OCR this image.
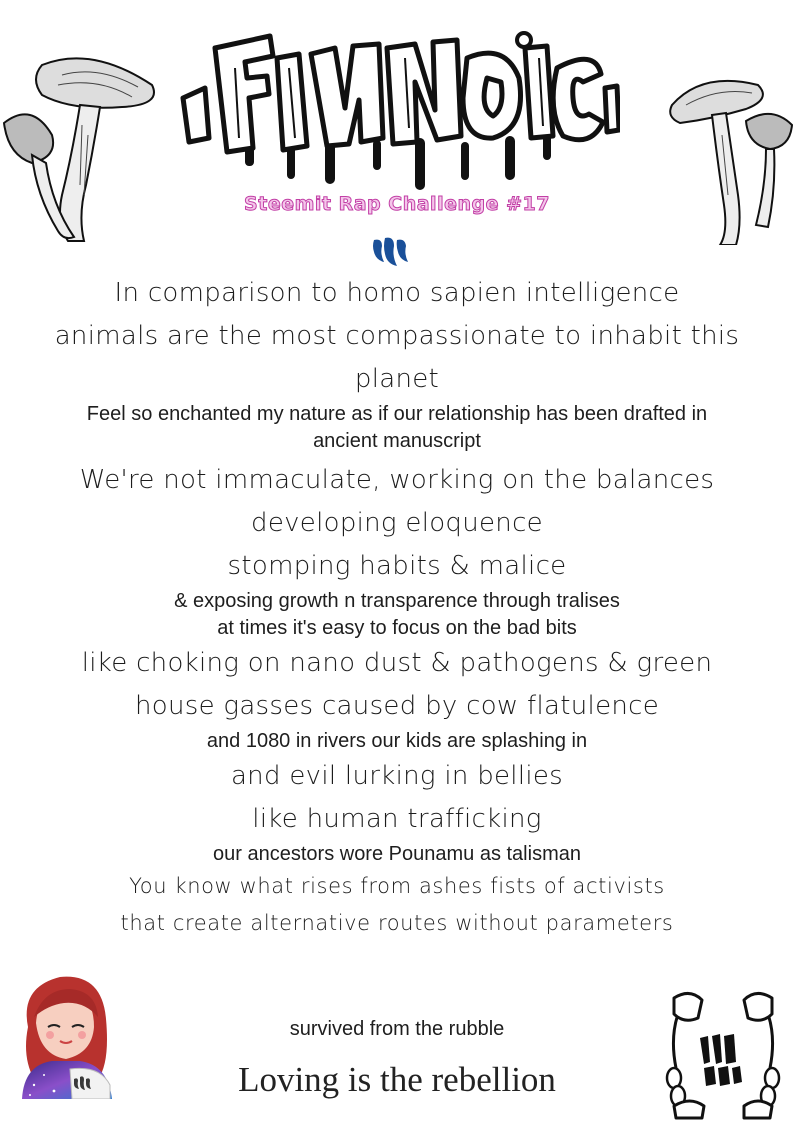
Steemit Rap Challenge #17
In comparison to homo sapien intelligence
animals are the most compassionate to inhabit this
planet
Feel so enchanted my nature as if our relationship has been drafted in
ancient manuscript
We're not immaculate, working on the balances
developing eloquence
stomping habits & malice
& exposing growth n transparence through tralises
at times it's easy to focus on the bad bits
like choking on nano dust & pathogens & green
house gasses caused by cow flatulence
and 1080 in rivers our kids are splashing in
and evil lurking in bellies
like human trafficking
our ancestors wore Pounamu as talisman
You know what rises from ashes fists of activists
that create alternative routes without parameters
survived from the rubble
Loving is the rebellion
